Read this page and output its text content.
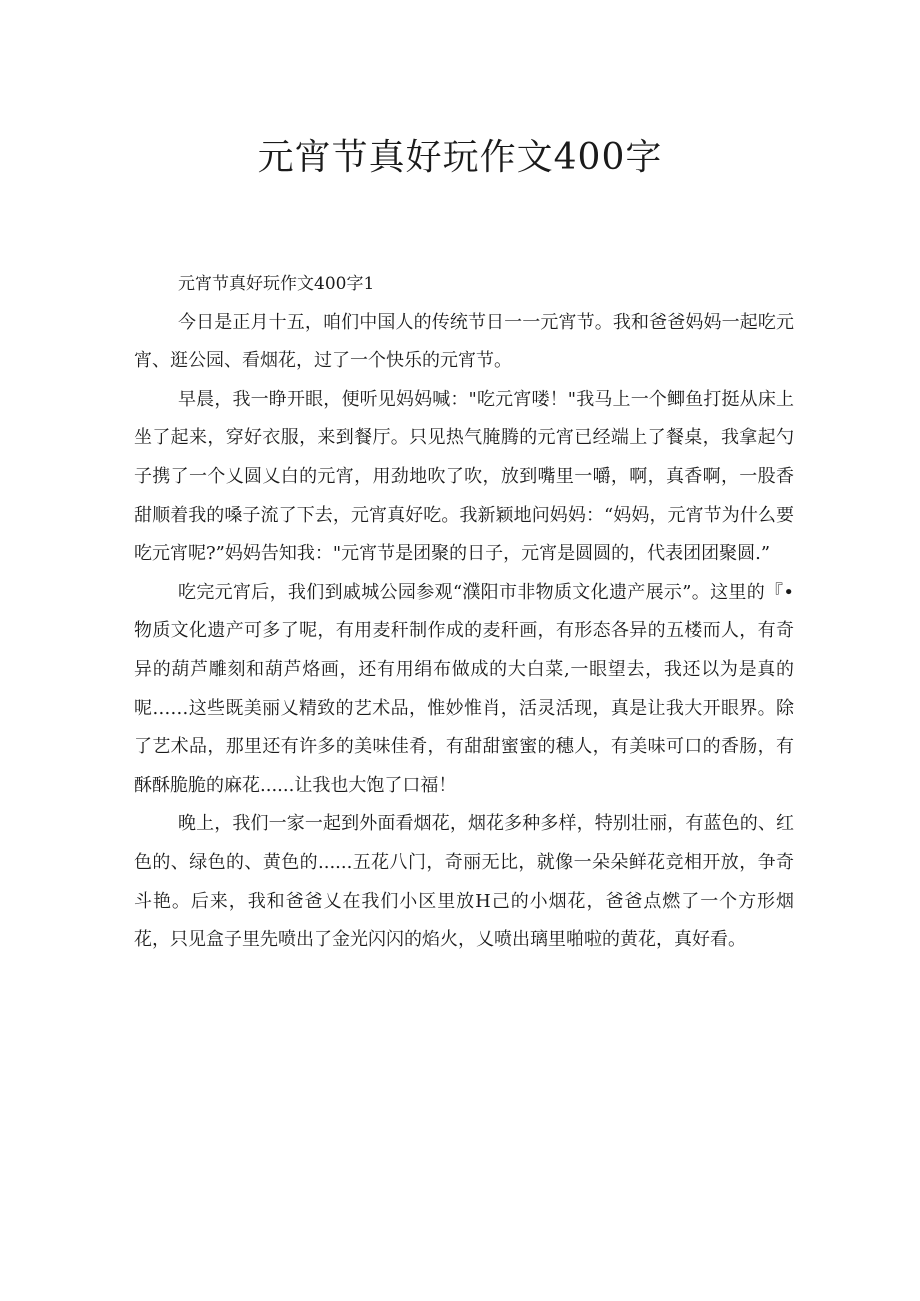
元宵节真好玩作文400字

元宵节真好玩作文400字1

今日是正月十五，咱们中国人的传统节日一一元宵节。我和爸爸妈妈一起吃元宵、逛公园、看烟花，过了一个快乐的元宵节。

早晨，我一睁开眼，便听见妈妈喊："吃元宵喽！"我马上一个鲫鱼打挺从床上坐了起来，穿好衣服，来到餐厅。只见热气腌腾的元宵已经端上了餐桌，我拿起勺子携了一个乂圆乂白的元宵，用劲地吹了吹，放到嘴里一嚼，啊，真香啊，一股香甜顺着我的嗓子流了下去，元宵真好吃。我新颖地问妈妈：“妈妈，元宵节为什么要吃元宵呢?”妈妈告知我："元宵节是团聚的日子，元宵是圆圆的，代表团团聚圆.”

吃完元宵后，我们到戚城公园参观“濮阳市非物质文化遗产展示”。这里的『•物质文化遗产可多了呢，有用麦秆制作成的麦秆画，有形态各异的五楼而人，有奇异的葫芦雕刻和葫芦烙画，还有用绢布做成的大白菜,一眼望去，我还以为是真的呢……这些既美丽乂精致的艺术品，惟妙惟肖，活灵活现，真是让我大开眼界。除了艺术品，那里还有许多的美味佳肴，有甜甜蜜蜜的穗人，有美味可口的香肠，有酥酥脆脆的麻花......让我也大饱了口福！

晚上，我们一家一起到外面看烟花，烟花多种多样，特别壮丽，有蓝色的、红色的、绿色的、黄色的......五花八门，奇丽无比，就像一朵朵鲜花竞相开放，争奇斗艳。后来，我和爸爸乂在我们小区里放H己的小烟花，爸爸点燃了一个方形烟花，只见盒子里先喷出了金光闪闪的焰火，乂喷出璃里啪啦的黄花，真好看。
